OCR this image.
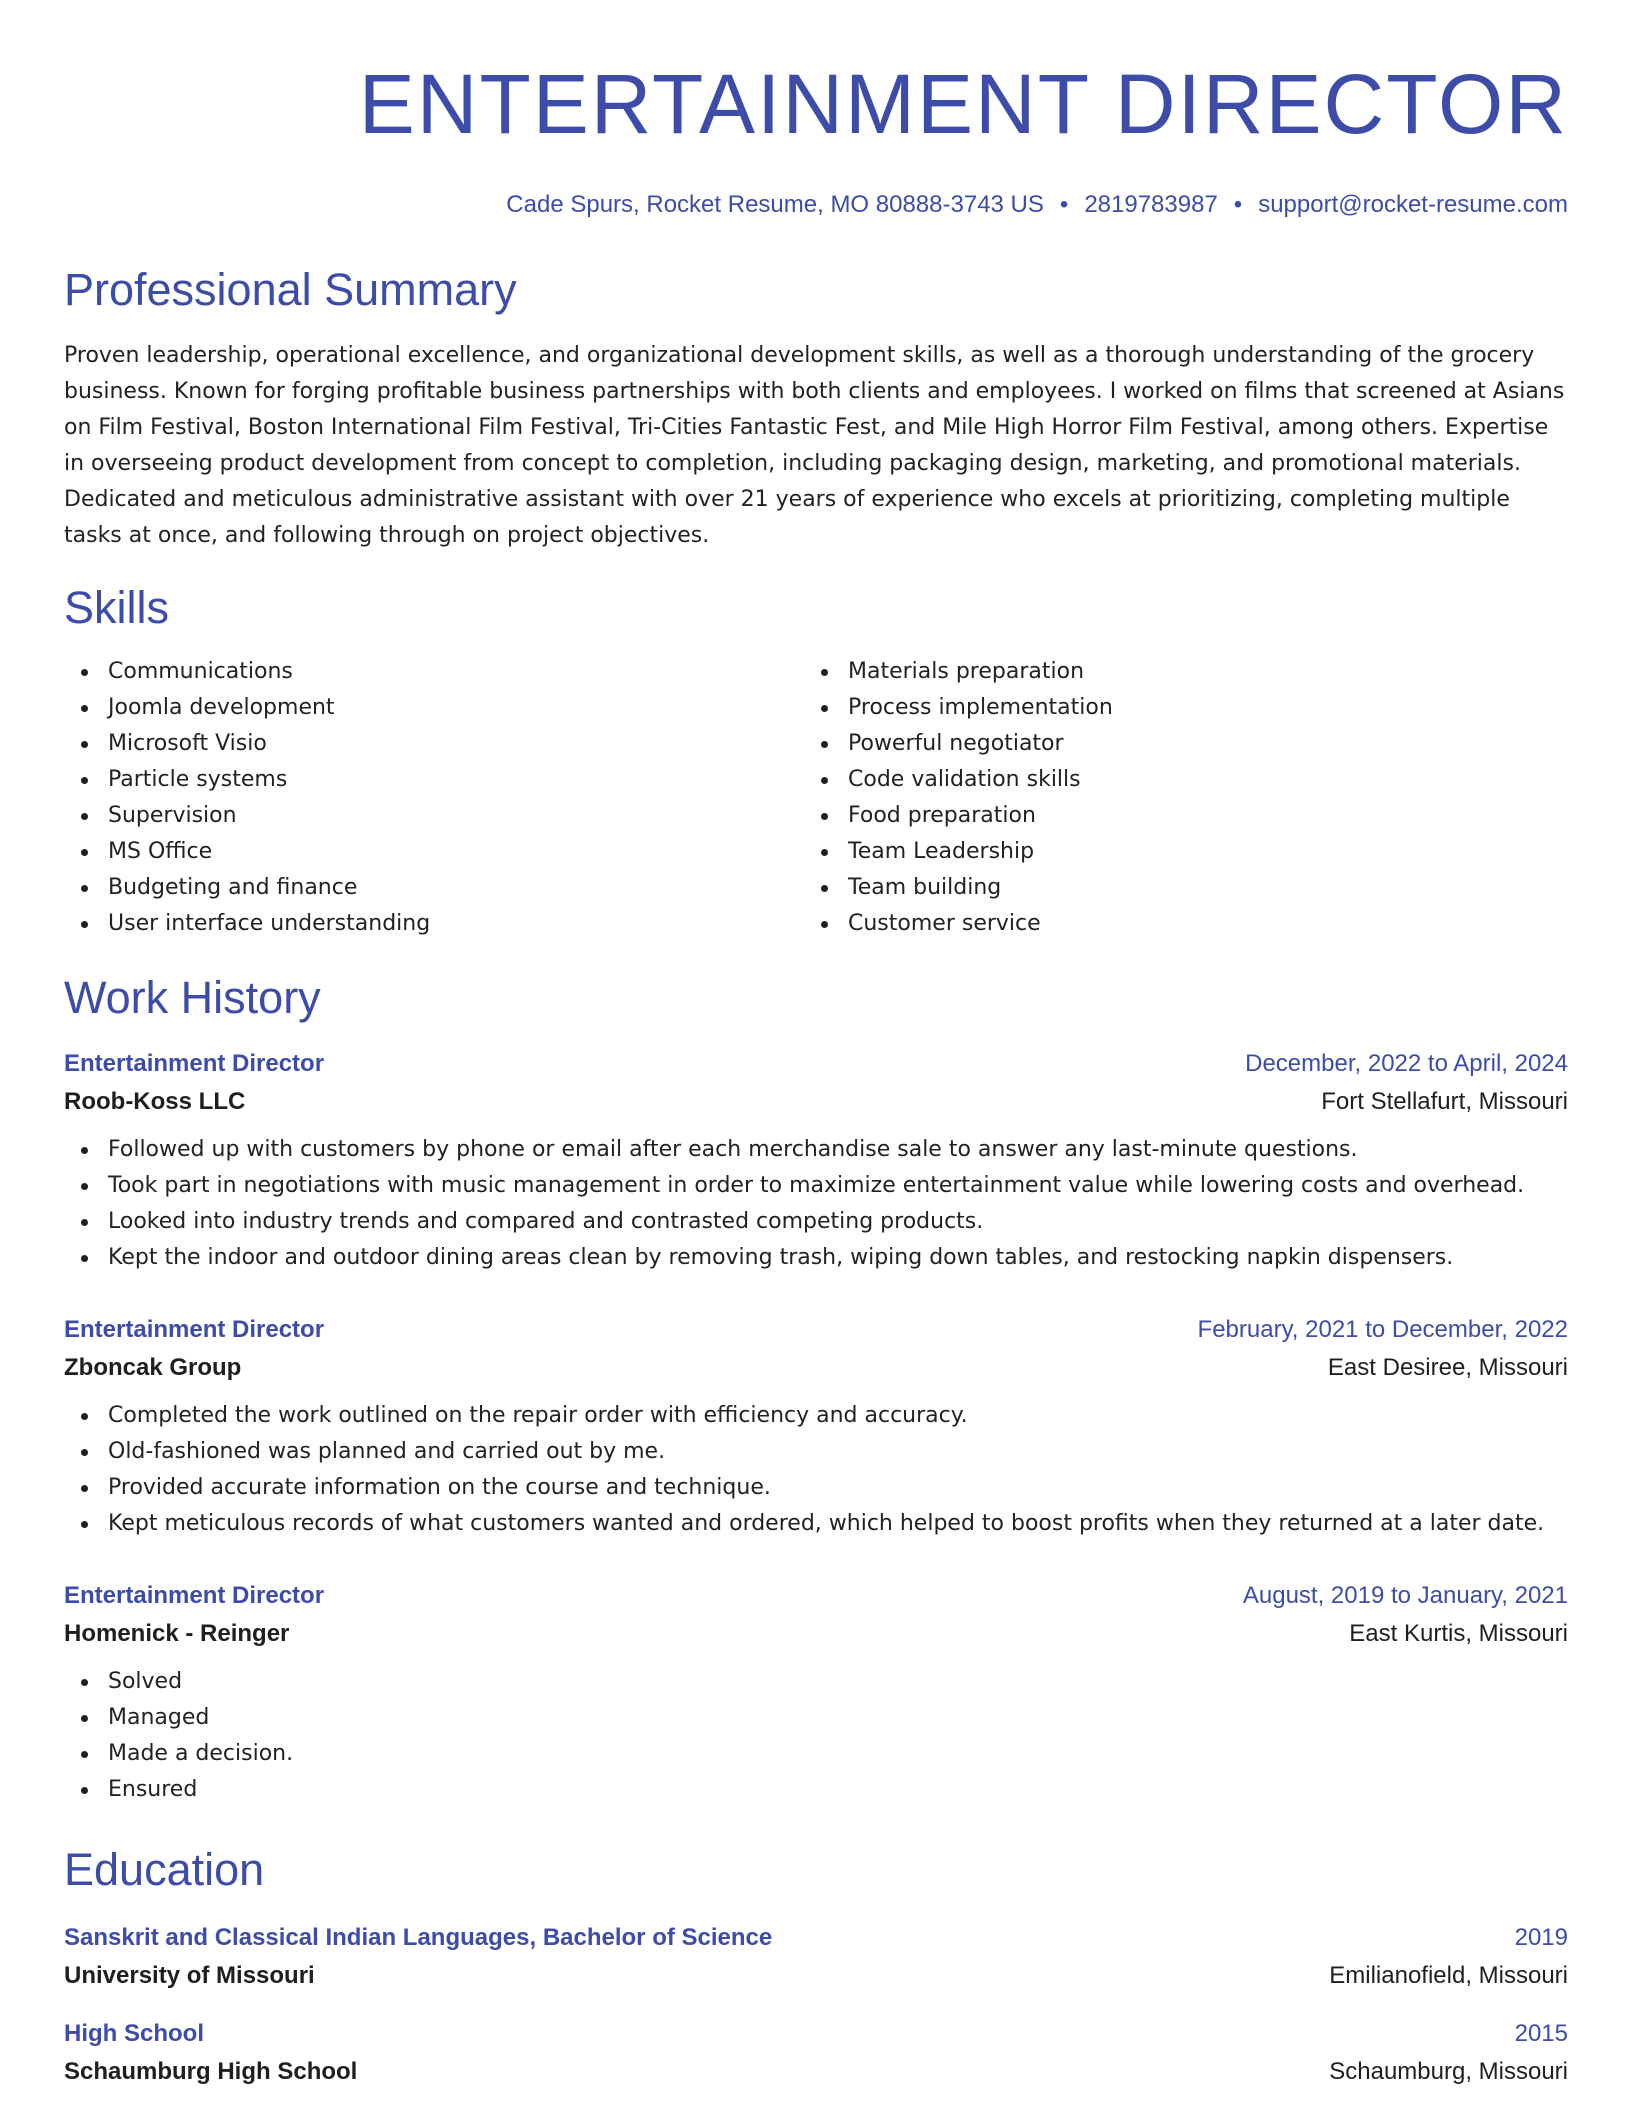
ENTERTAINMENT DIRECTOR
Cade Spurs, Rocket Resume, MO 80888-3743 US • 2819783987 • support@rocket-resume.com
Professional Summary

Proven leadership, operational excellence, and organizational development skills, as well as a thorough understanding of the grocery business. Known for forging profitable business partnerships with both clients and employees. I worked on films that screened at Asians on Film Festival, Boston International Film Festival, Tri-Cities Fantastic Fest, and Mile High Horror Film Festival, among others. Expertise in overseeing product development from concept to completion, including packaging design, marketing, and promotional materials. Dedicated and meticulous administrative assistant with over 21 years of experience who excels at prioritizing, completing multiple tasks at once, and following through on project objectives.

Skills
Communications
Joomla development
Microsoft Visio
Particle systems
Supervision
MS Office
Budgeting and finance
User interface understanding
Materials preparation
Process implementation
Powerful negotiator
Code validation skills
Food preparation
Team Leadership
Team building
Customer service
Work History
Entertainment Director	December, 2022 to April, 2024
Roob-Koss LLC	Fort Stellafurt, Missouri
Followed up with customers by phone or email after each merchandise sale to answer any last-minute questions.
Took part in negotiations with music management in order to maximize entertainment value while lowering costs and overhead.
Looked into industry trends and compared and contrasted competing products.
Kept the indoor and outdoor dining areas clean by removing trash, wiping down tables, and restocking napkin dispensers.
Entertainment Director	February, 2021 to December, 2022
Zboncak Group	East Desiree, Missouri
Completed the work outlined on the repair order with efficiency and accuracy.
Old-fashioned was planned and carried out by me.
Provided accurate information on the course and technique.
Kept meticulous records of what customers wanted and ordered, which helped to boost profits when they returned at a later date.
Entertainment Director	August, 2019 to January, 2021
Homenick - Reinger	East Kurtis, Missouri
Solved
Managed
Made a decision.
Ensured
Education
Sanskrit and Classical Indian Languages, Bachelor of Science	2019
University of Missouri	Emilianofield, Missouri
High School	2015
Schaumburg High School	Schaumburg, Missouri
